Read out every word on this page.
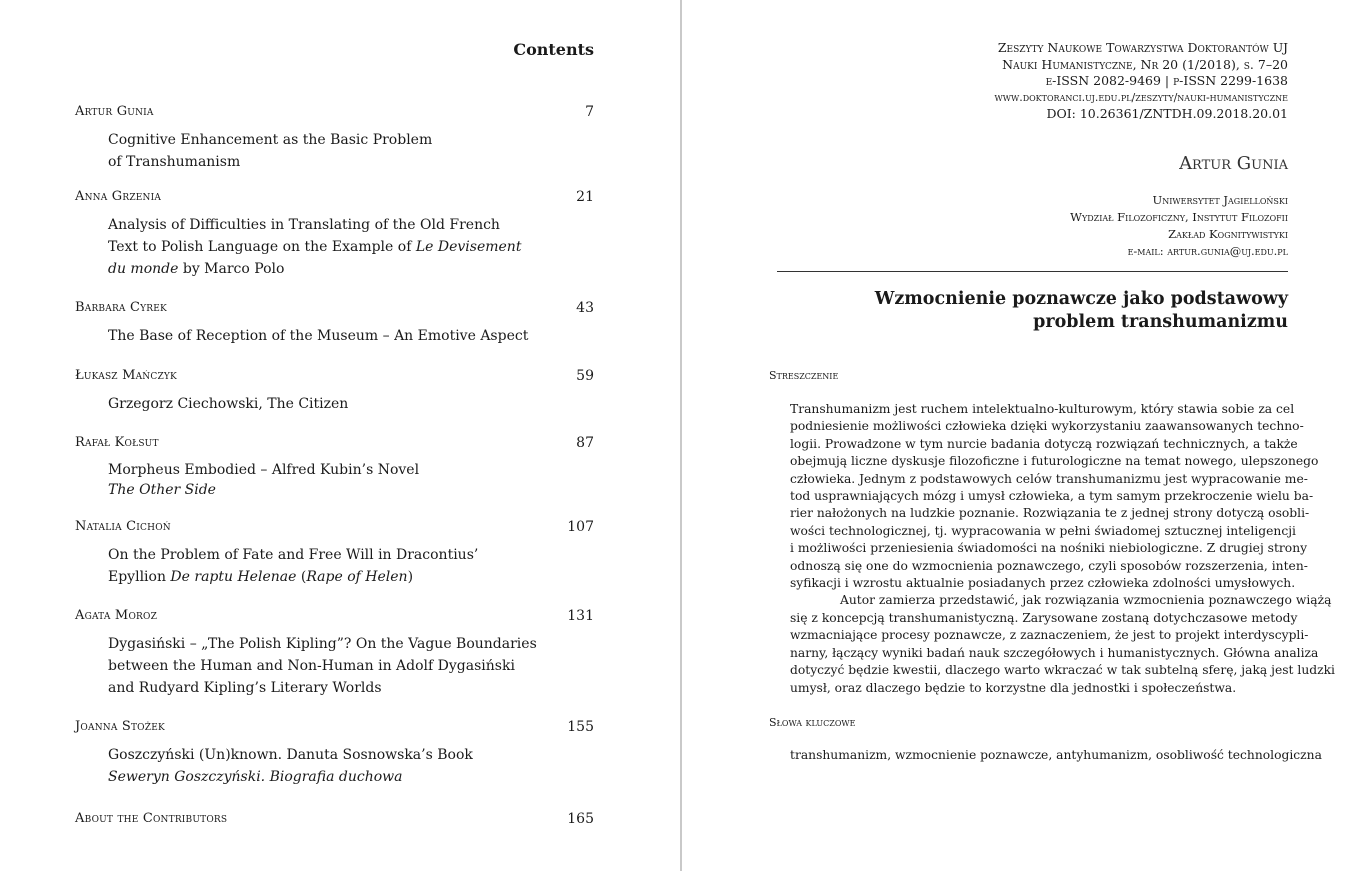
Contents
Artur Gunia	7
Cognitive Enhancement as the Basic Problem
of Transhumanism
Anna Grzenia	21
Analysis of Difficulties in Translating of the Old French
Text to Polish Language on the Example of Le Devisement
du monde by Marco Polo
Barbara Cyrek	43
The Base of Reception of the Museum – An Emotive Aspect
Łukasz Mańczyk	59
Grzegorz Ciechowski, The Citizen
Rafał Kołsut	87
Morpheus Embodied – Alfred Kubin’s Novel
The Other Side
Natalia Cichoń	107
On the Problem of Fate and Free Will in Dracontius’
Epyllion De raptu Helenae (Rape of Helen)
Agata Moroz	131
Dygasiński – „The Polish Kipling”? On the Vague Boundaries
between the Human and Non-Human in Adolf Dygasiński
and Rudyard Kipling’s Literary Worlds
Joanna Stożek	155
Goszczyński (Un)known. Danuta Sosnowska’s Book
Seweryn Goszczyński. Biografia duchowa
About the Contributors	165
Zeszyty Naukowe Towarzystwa Doktorantów UJ
Nauki Humanistyczne, Nr 20 (1/2018), s. 7–20
e-ISSN 2082-9469 | p-ISSN 2299-1638
www.doktoranci.uj.edu.pl/zeszyty/nauki-humanistyczne
DOI: 10.26361/ZNTDH.09.2018.20.01
Artur Gunia
Uniwersytet Jagielloński
Wydział Filozoficzny, Instytut Filozofii
Zakład Kognitywistyki
e-mail: artur.gunia@uj.edu.pl
Wzmocnienie poznawcze jako podstawowy
problem transhumanizmu
Streszczenie
Transhumanizm jest ruchem intelektualno-kulturowym, który stawia sobie za cel
podniesienie możliwości człowieka dzięki wykorzystaniu zaawansowanych techno-
logii. Prowadzone w tym nurcie badania dotyczą rozwiązań technicznych, a także
obejmują liczne dyskusje filozoficzne i futurologiczne na temat nowego, ulepszonego
człowieka. Jednym z podstawowych celów transhumanizmu jest wypracowanie me-
tod usprawniających mózg i umysł człowieka, a tym samym przekroczenie wielu ba-
rier nałożonych na ludzkie poznanie. Rozwiązania te z jednej strony dotyczą osobli-
wości technologicznej, tj. wypracowania w pełni świadomej sztucznej inteligencji
i możliwości przeniesienia świadomości na nośniki niebiologiczne. Z drugiej strony
odnoszą się one do wzmocnienia poznawczego, czyli sposobów rozszerzenia, inten-
syfikacji i wzrostu aktualnie posiadanych przez człowieka zdolności umysłowych.
Autor zamierza przedstawić, jak rozwiązania wzmocnienia poznawczego wiążą
się z koncepcją transhumanistyczną. Zarysowane zostaną dotychczasowe metody
wzmacniające procesy poznawcze, z zaznaczeniem, że jest to projekt interdyscypli-
narny, łączący wyniki badań nauk szczegółowych i humanistycznych. Główna analiza
dotyczyć będzie kwestii, dlaczego warto wkraczać w tak subtelną sferę, jaką jest ludzki
umysł, oraz dlaczego będzie to korzystne dla jednostki i społeczeństwa.
Słowa kluczowe
transhumanizm, wzmocnienie poznawcze, antyhumanizm, osobliwość technologiczna
